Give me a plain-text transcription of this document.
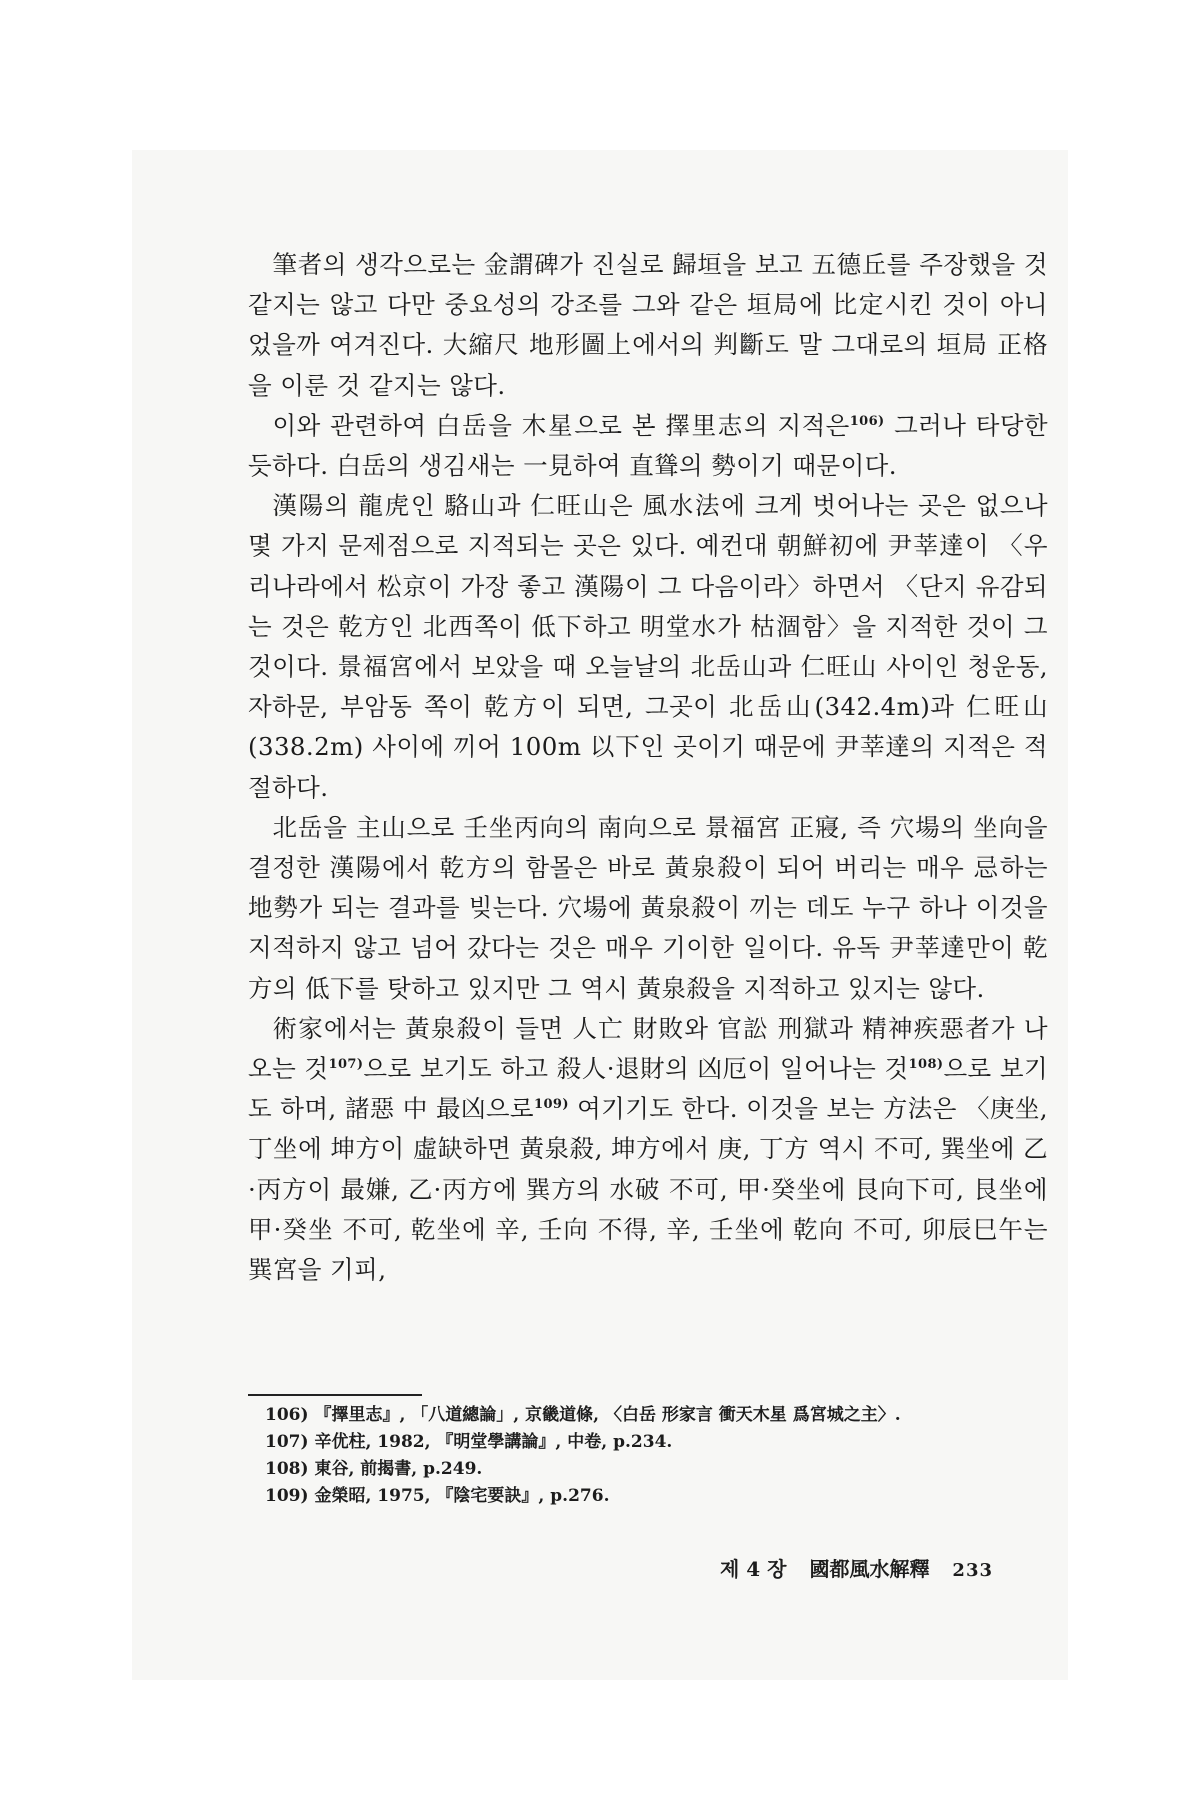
筆者의 생각으로는 金謂碑가 진실로 歸垣을 보고 五德丘를 주장했을 것 같지는 않고 다만 중요성의 강조를 그와 같은 垣局에 比定시킨 것이 아니었을까 여겨진다. 大縮尺 地形圖上에서의 判斷도 말 그대로의 垣局 正格을 이룬 것 같지는 않다.

이와 관련하여 白岳을 木星으로 본 擇里志의 지적은$^{106)}$ 그러나 타당한 듯하다. 白岳의 생김새는 一見하여 直聳의 勢이기 때문이다.

漢陽의 龍虎인 駱山과 仁旺山은 風水法에 크게 벗어나는 곳은 없으나 몇 가지 문제점으로 지적되는 곳은 있다. 예컨대 朝鮮初에 尹莘達이 〈우리나라에서 松京이 가장 좋고 漢陽이 그 다음이라〉하면서 〈단지 유감되는 것은 乾方인 北西쪽이 低下하고 明堂水가 枯涸함〉을 지적한 것이 그것이다. 景福宮에서 보았을 때 오늘날의 北岳山과 仁旺山 사이인 청운동, 자하문, 부암동 쪽이 乾方이 되면, 그곳이 北岳山(342.4m)과 仁旺山(338.2m) 사이에 끼어 100m 以下인 곳이기 때문에 尹莘達의 지적은 적절하다.

北岳을 主山으로 壬坐丙向의 南向으로 景福宮 正寢, 즉 穴場의 坐向을 결정한 漢陽에서 乾方의 함몰은 바로 黃泉殺이 되어 버리는 매우 忌하는 地勢가 되는 결과를 빚는다. 穴場에 黃泉殺이 끼는 데도 누구 하나 이것을 지적하지 않고 넘어 갔다는 것은 매우 기이한 일이다. 유독 尹莘達만이 乾方의 低下를 탓하고 있지만 그 역시 黃泉殺을 지적하고 있지는 않다.

術家에서는 黃泉殺이 들면 人亡 財敗와 官訟 刑獄과 精神疾惡者가 나오는 것$^{107)}$으로 보기도 하고 殺人·退財의 凶厄이 일어나는 것$^{108)}$으로 보기도 하며, 諸惡 中 最凶으로$^{109)}$ 여기기도 한다. 이것을 보는 方法은 〈庚坐, 丁坐에 坤方이 虛缺하면 黃泉殺, 坤方에서 庚, 丁方 역시 不可, 巽坐에 乙·丙方이 最嫌, 乙·丙方에 巽方의 水破 不可, 甲·癸坐에 艮向下可, 艮坐에 甲·癸坐 不可, 乾坐에 辛, 壬向 不得, 辛, 壬坐에 乾向 不可, 卯辰巳午는 巽宮을 기피,

106) 『擇里志』, 「八道總論」, 京畿道條, 〈白岳 形家言 衝天木星 爲宮城之主〉.
107) 辛优柱, 1982, 『明堂學講論』, 中卷, p.234.
108) 東谷, 前揭書, p.249.
109) 金榮昭, 1975, 『陰宅要訣』, p.276.
제 4 장 國都風水解釋 233
